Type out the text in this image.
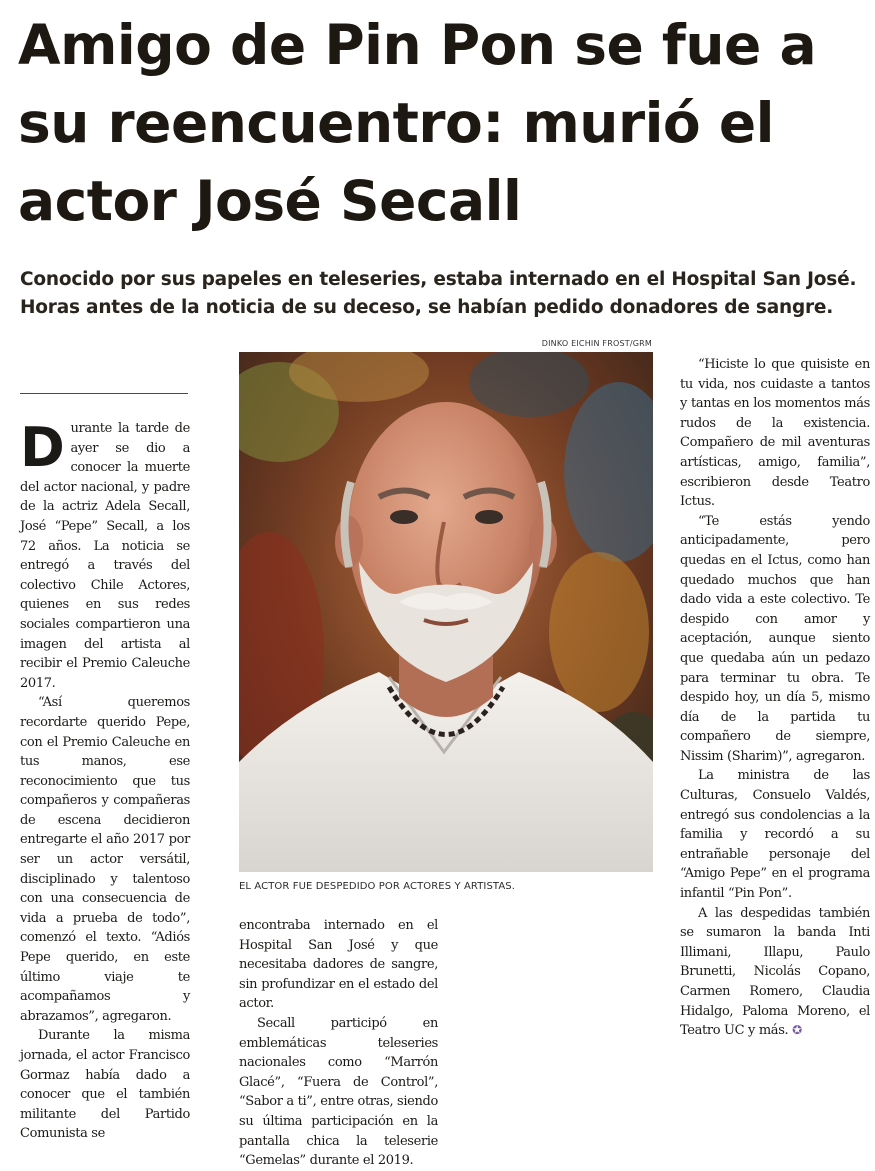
Amigo de Pin Pon se fue a su reencuentro: murió el actor José Secall
Conocido por sus papeles en teleseries, estaba internado en el Hospital San José. Horas antes de la noticia de su deceso, se habían pedido donadores de sangre.
DINKO EICHIN FROST/GRM
EL ACTOR FUE DESPEDIDO POR ACTORES Y ARTISTAS.

Durante la tarde de ayer se dio a conocer la muerte del actor nacional, y padre de la actriz Adela Secall, José “Pepe” Secall, a los 72 años. La noticia se entregó a través del colectivo Chile Actores, quienes en sus redes sociales compartieron una imagen del artista al recibir el Premio Caleuche 2017.

“Así queremos recordarte querido Pepe, con el Premio Caleuche en tus manos, ese reconocimiento que tus compañeros y compañeras de escena decidieron entregarte el año 2017 por ser un actor versátil, disciplinado y talentoso con una consecuencia de vida a prueba de todo”, comenzó el texto. “Adiós Pepe querido, en este último viaje te acompañamos y abrazamos”, agregaron.

Durante la misma jornada, el actor Francisco Gormaz había dado a conocer que el también militante del Partido Comunista se

encontraba internado en el Hospital San José y que necesitaba dadores de sangre, sin profundizar en el estado del actor.

Secall participó en emblemáticas teleseries nacionales como “Marrón Glacé”, “Fuera de Control”, “Sabor a ti”, entre otras, siendo su última participación en la pantalla chica la teleserie “Gemelas” durante el 2019.

“Hiciste lo que quisiste en tu vida, nos cuidaste a tantos y tantas en los momentos más rudos de la existencia. Compañero de mil aventuras artísticas, amigo, familia”, escribieron desde Teatro Ictus.

“Te estás yendo anticipadamente, pero quedas en el Ictus, como han quedado muchos que han dado vida a este colectivo. Te despido con amor y aceptación, aunque siento que quedaba aún un pedazo para terminar tu obra. Te despido hoy, un día 5, mismo día de la partida tu compañero de siempre, Nissim (Sharim)”, agregaron.

La ministra de las Culturas, Consuelo Valdés, entregó sus condolencias a la familia y recordó a su entrañable personaje del “Amigo Pepe” en el programa infantil “Pin Pon”.

A las despedidas también se sumaron la banda Inti Illimani, Illapu, Paulo Brunetti, Nicolás Copano, Carmen Romero, Claudia Hidalgo, Paloma Moreno, el Teatro UC y más. ✪
